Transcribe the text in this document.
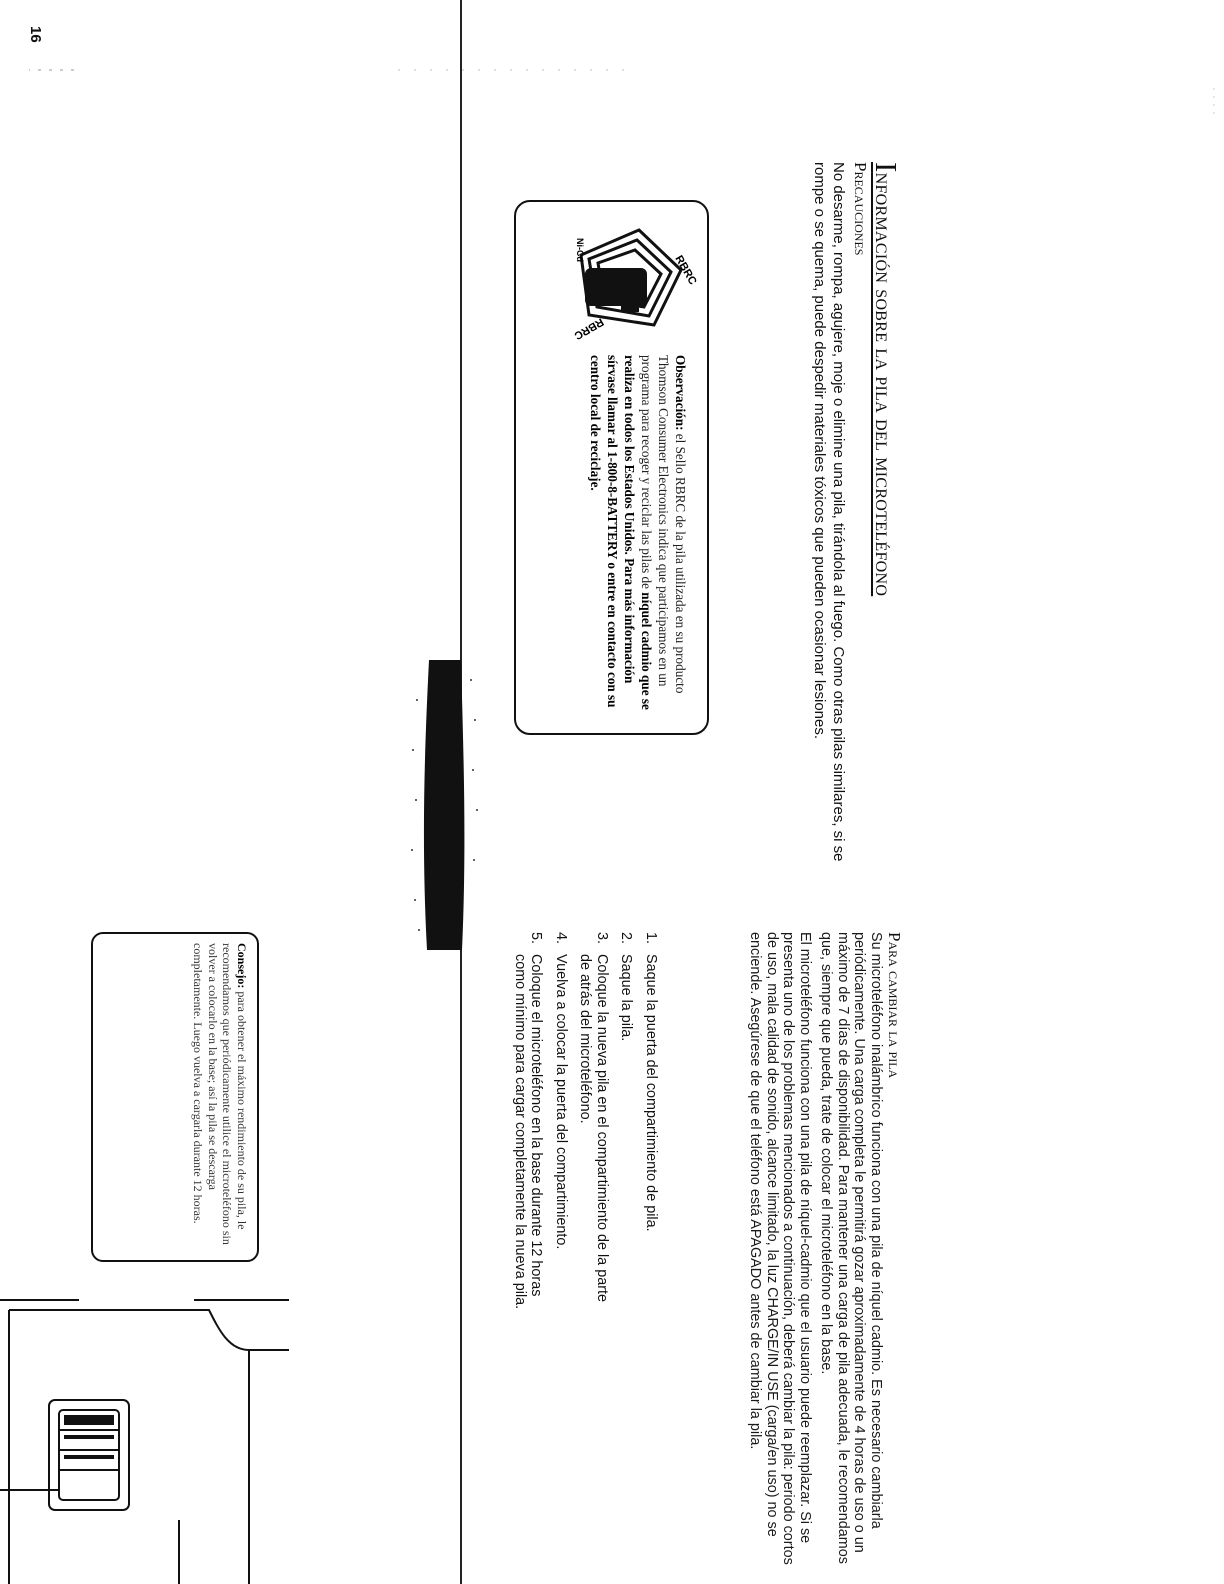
Información sobre la pila del microteléfono
Precauciones
No desarme, rompa, agujere, moje o elimine una pila, tirándola al fuego. Como otras pilas similares, si se rompe o se quema, puede despedir materiales tóxicos que pueden ocasionar lesiones.
RBRC
RBRC
Ni-Cd
Observación: el Sello RBRC de la pila utilizada en su producto Thomson Consumer Electronics indica que participamos en un programa para recoger y reciclar las pilas de níquel cadmio que se realiza en todos los Estados Unidos. Para más información sírvase llamar al 1-800-8-BATTERY o entre en contacto con su centro local de reciclaje.
16
Para cambiar la pila

Su microteléfono inalámbrico funciona con una pila de níquel cadmio. Es necesario cambiarla periódicamente. Una carga completa le permitirá gozar aproximadamente de 4 horas de uso o un máximo de 7 días de disponibilidad. Para mantener una carga de pila adecuada, le recomendamos que, siempre que pueda, trate de colocar el microteléfono en la base.

El microteléfono funciona con una pila de níquel-cadmio que el usuario puede reemplazar. Si se presenta uno de los problemas mencionados a continuación, deberá cambiar la pila: periodo cortos de uso, mala calidad de sonido, alcance limitado, la luz CHARGE/IN USE (carga/en uso) no se enciende. Asegúrese de que el teléfono está APAGADO antes de cambiar la pila.

1.
Saque la puerta del compartimiento de pila.
2.
Saque la pila.
3.
Coloque la nueva pila en el compartimiento de la parte de atrás del microteléfono.
4.
Vuelva a colocar la puerta del compartimiento.
5.
Coloque el microteléfono en la base durante 12 horas como mínimo para cargar completamente la nueva pila.
Consejo: para obtener el máximo rendimiento de su pila, le recomendamos que periódicamente utilice el microteléfono sin volver a colocarlo en la base; así la pila se descarga completamente. Luego vuelva a cargarla durante 12 horas.
